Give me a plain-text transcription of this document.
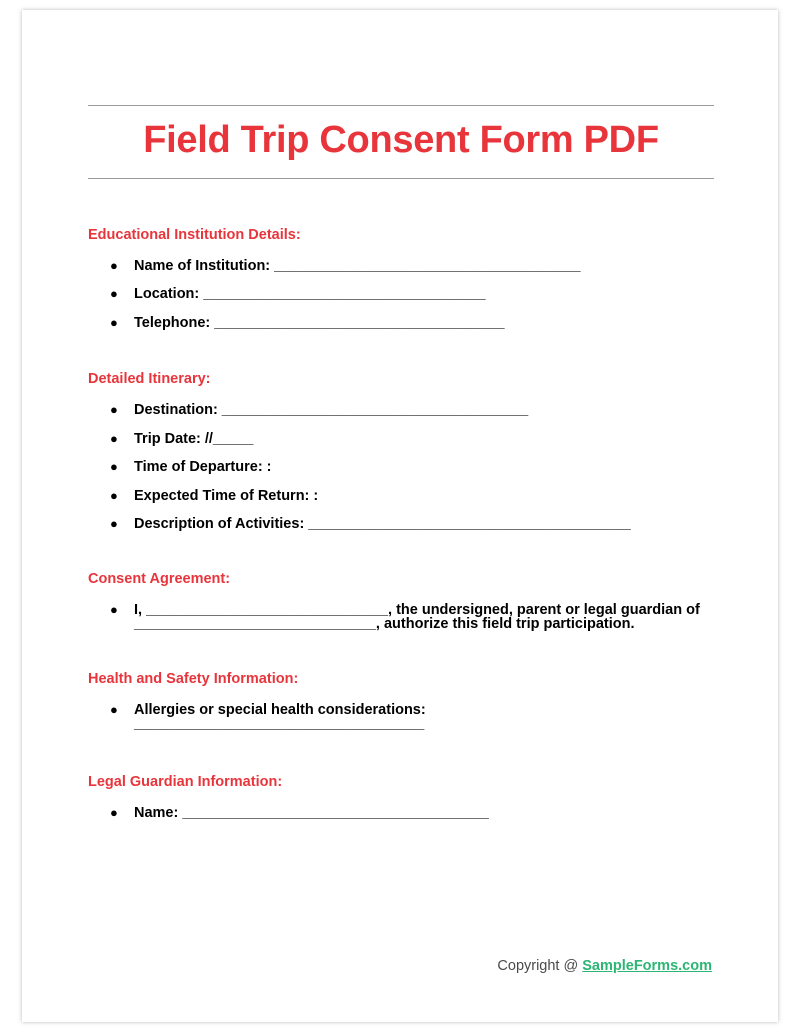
Field Trip Consent Form PDF
Educational Institution Details:
● Name of Institution: ______________________________________
● Location: ___________________________________
● Telephone: ____________________________________
Detailed Itinerary:
● Destination: ______________________________________
● Trip Date: //_____
● Time of Departure: :
● Expected Time of Return: :
● Description of Activities: ________________________________________
Consent Agreement:
● I, ______________________________, the undersigned, parent or legal guardian of ______________________________, authorize this field trip participation.
Health and Safety Information:
● Allergies or special health considerations: ____________________________________
Legal Guardian Information:
● Name: ______________________________________
Copyright @ SampleForms.com
